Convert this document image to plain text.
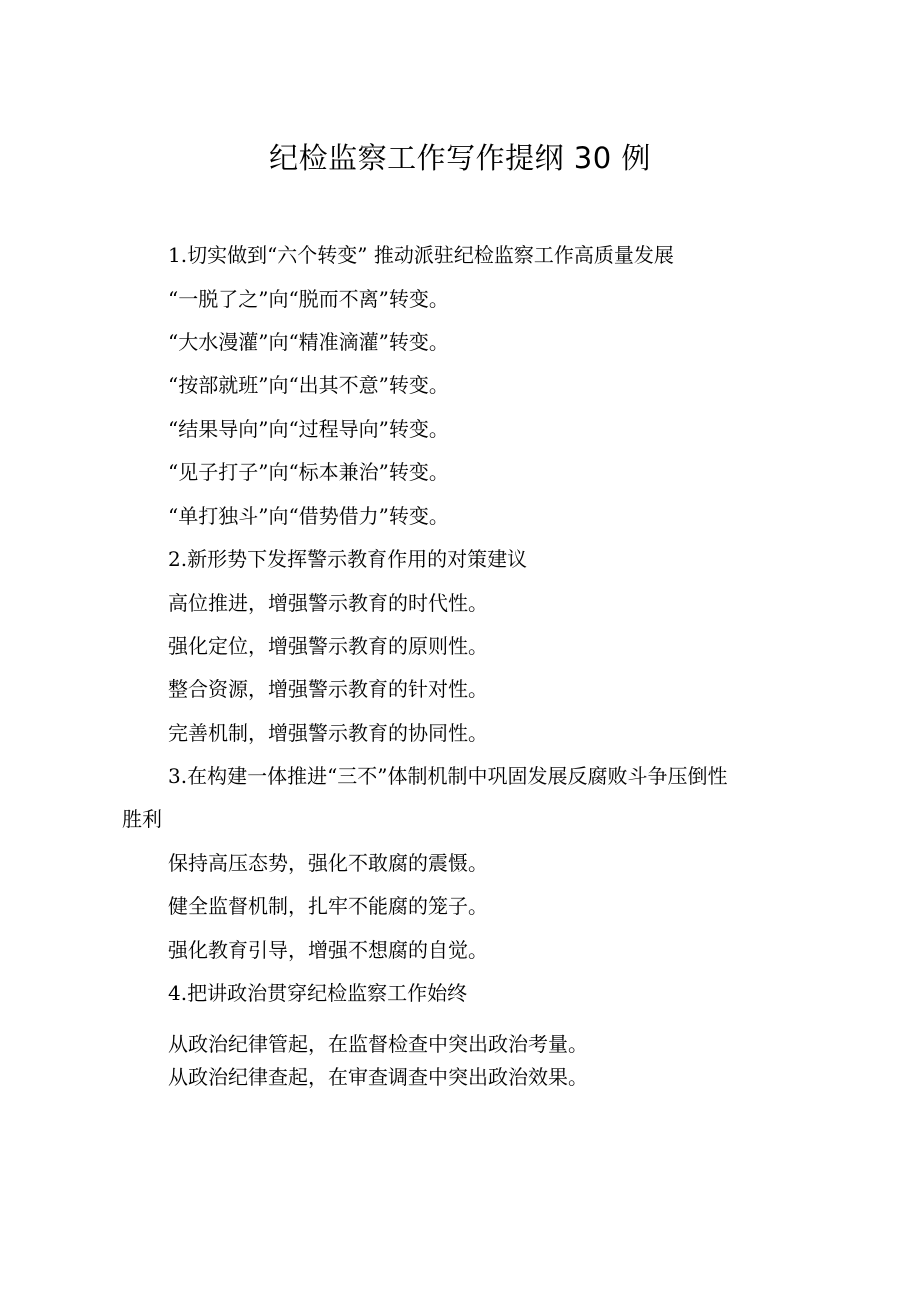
纪检监察工作写作提纲 30 例
1.切实做到“六个转变” 推动派驻纪检监察工作高质量发展
“一脱了之”向“脱而不离”转变。
“大水漫灌”向“精准滴灌”转变。
“按部就班”向“出其不意”转变。
“结果导向”向“过程导向”转变。
“见子打子”向“标本兼治”转变。
“单打独斗”向“借势借力”转变。
2.新形势下发挥警示教育作用的对策建议
高位推进，增强警示教育的时代性。
强化定位，增强警示教育的原则性。
整合资源，增强警示教育的针对性。
完善机制，增强警示教育的协同性。
3.在构建一体推进“三不”体制机制中巩固发展反腐败斗争压倒性
胜利
保持高压态势，强化不敢腐的震慑。
健全监督机制，扎牢不能腐的笼子。
强化教育引导，增强不想腐的自觉。
4.把讲政治贯穿纪检监察工作始终
从政治纪律管起，在监督检查中突出政治考量。
从政治纪律查起，在审查调查中突出政治效果。
